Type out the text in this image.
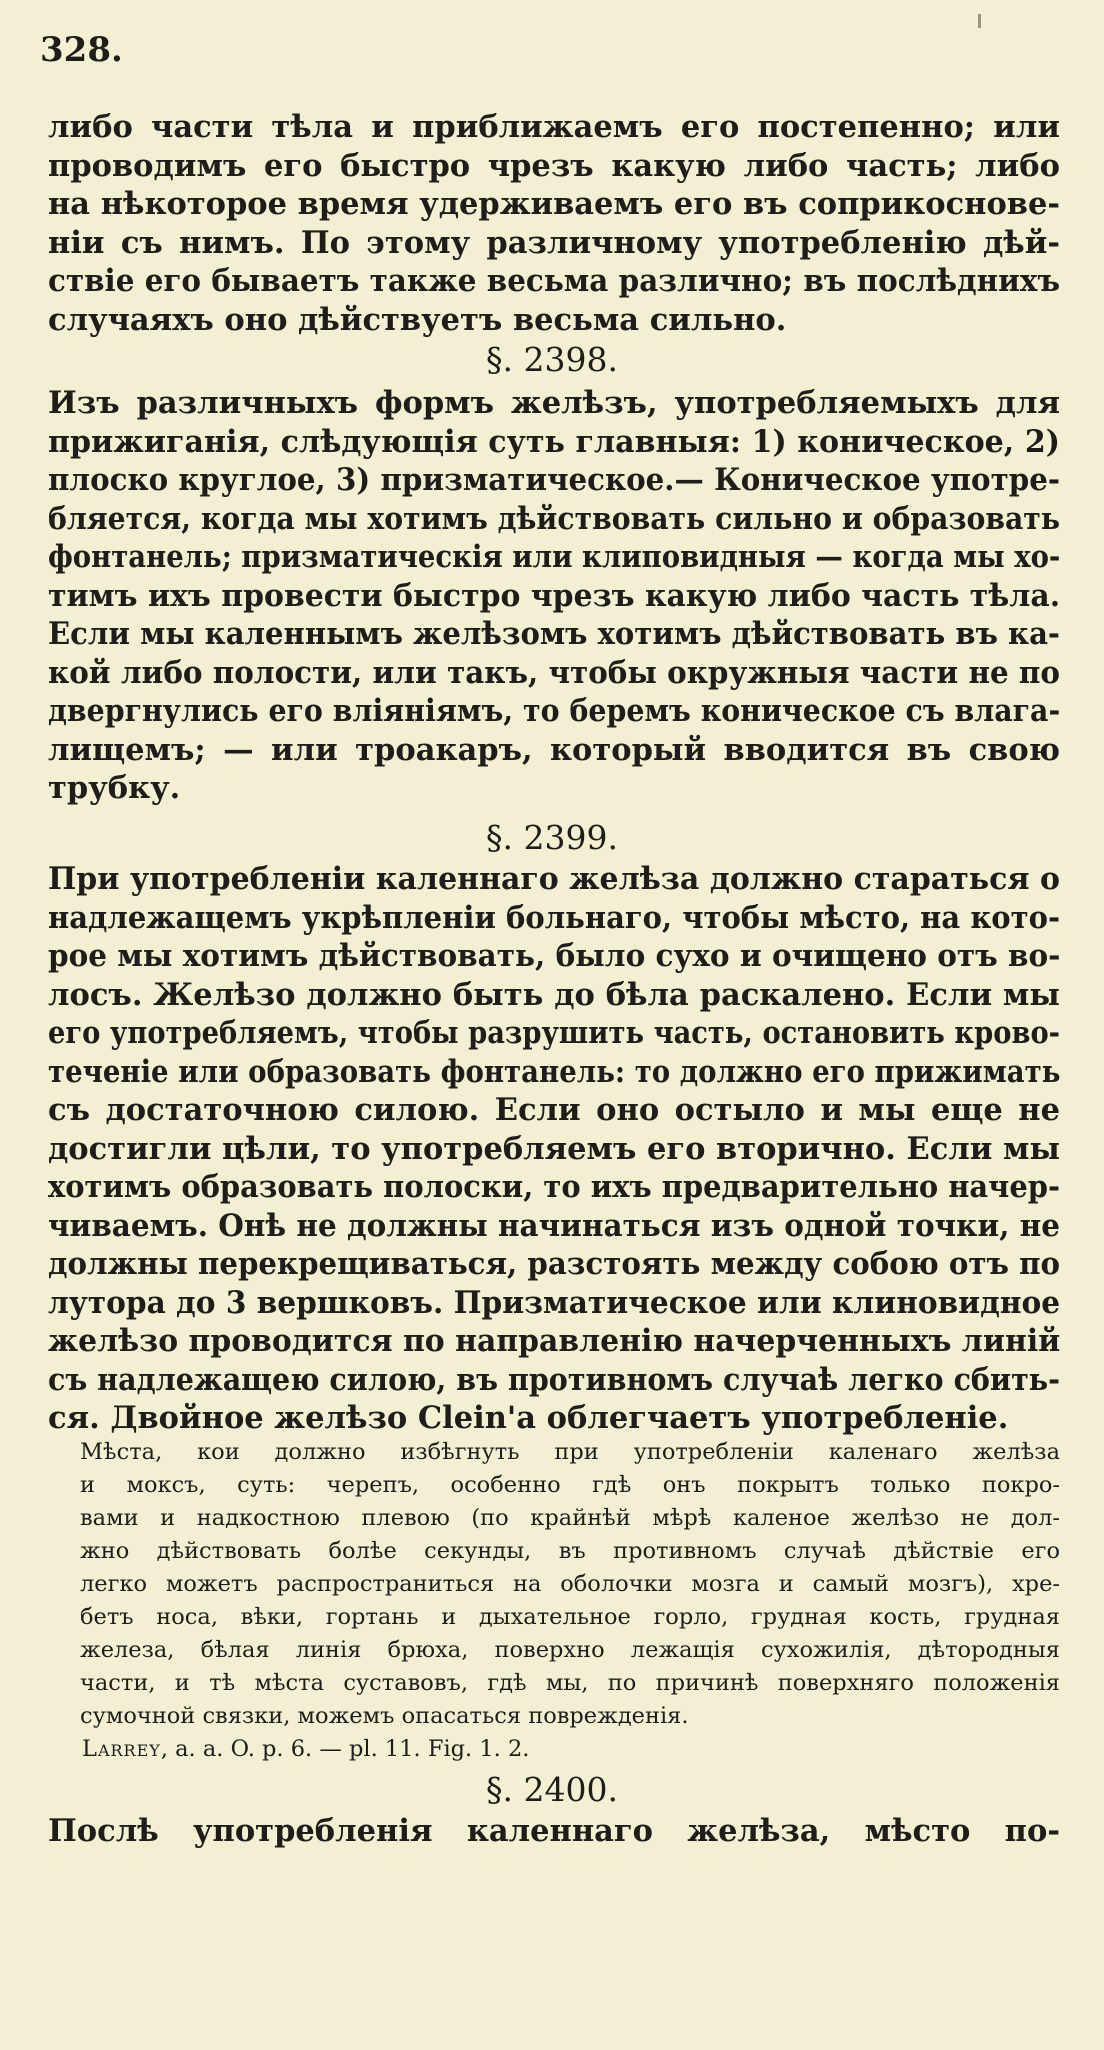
328.
либо части тѣла и приближаемъ его постепенно; или
проводимъ его быстро чрезъ какую либо часть; либо
на нѣкоторое время удерживаемъ его въ соприкоснове-
ніи съ нимъ. По этому различному употребленію дѣй-
ствіе его бываетъ также весьма различно; въ послѣднихъ
случаяхъ оно дѣйствуетъ весьма сильно.
§. 2398.
Изъ различныхъ формъ желѣзъ, употребляемыхъ для
прижиганія, слѣдующія суть главныя: 1) коническое, 2)
плоско круглое, 3) призматическое.— Коническое употре-
бляется, когда мы хотимъ дѣйствовать сильно и образовать
фонтанель; призматическія или клиповидныя — когда мы хо-
тимъ ихъ провести быстро чрезъ какую либо часть тѣла.
Если мы каленнымъ желѣзомъ хотимъ дѣйствовать въ ка-
кой либо полости, или такъ, чтобы окружныя части не по
двергнулись его вліяніямъ, то беремъ коническое съ влага-
лищемъ; — или троакаръ, который вводится въ свою
трубку.
§. 2399.
При употребленіи каленнаго желѣза должно стараться о
надлежащемъ укрѣпленіи больнаго, чтобы мѣсто, на кото-
рое мы хотимъ дѣйствовать, было сухо и очищено отъ во-
лосъ. Желѣзо должно быть до бѣла раскалено. Если мы
его употребляемъ, чтобы разрушить часть, остановить крово-
теченіе или образовать фонтанель: то должно его прижимать
съ достаточною силою. Если оно остыло и мы еще не
достигли цѣли, то употребляемъ его вторично. Если мы
хотимъ образовать полоски, то ихъ предварительно начер-
чиваемъ. Онѣ не должны начинаться изъ одной точки, не
должны перекрещиваться, разстоять между собою отъ по
лутора до 3 вершковъ. Призматическое или клиновидное
желѣзо проводится по направленію начерченныхъ линій
съ надлежащею силою, въ противномъ случаѣ легко сбить-
ся. Двойное желѣзо Clein'a облегчаетъ употребленіе.
Мѣста, кои должно избѣгнуть при употребленіи каленаго желѣза
и моксъ, суть: черепъ, особенно гдѣ онъ покрытъ только покро-
вами и надкостною плевою (по крайнѣй мѣрѣ каленое желѣзо не дол-
жно дѣйствовать болѣе секунды, въ противномъ случаѣ дѣйствіе его
легко можетъ распространиться на оболочки мозга и самый мозгъ), хре-
бетъ носа, вѣки, гортань и дыхательное горло, грудная кость, грудная
железа, бѣлая линія брюха, поверхно лежащія сухожилія, дѣтородныя
части, и тѣ мѣста суставовъ, гдѣ мы, по причинѣ поверхняго положенія
сумочной связки, можемъ опасаться поврежденія.
Larrey, a. a. O. p. 6. — pl. 11. Fig. 1. 2.
§. 2400.
Послѣ употребленія каленнаго желѣза, мѣсто по-
